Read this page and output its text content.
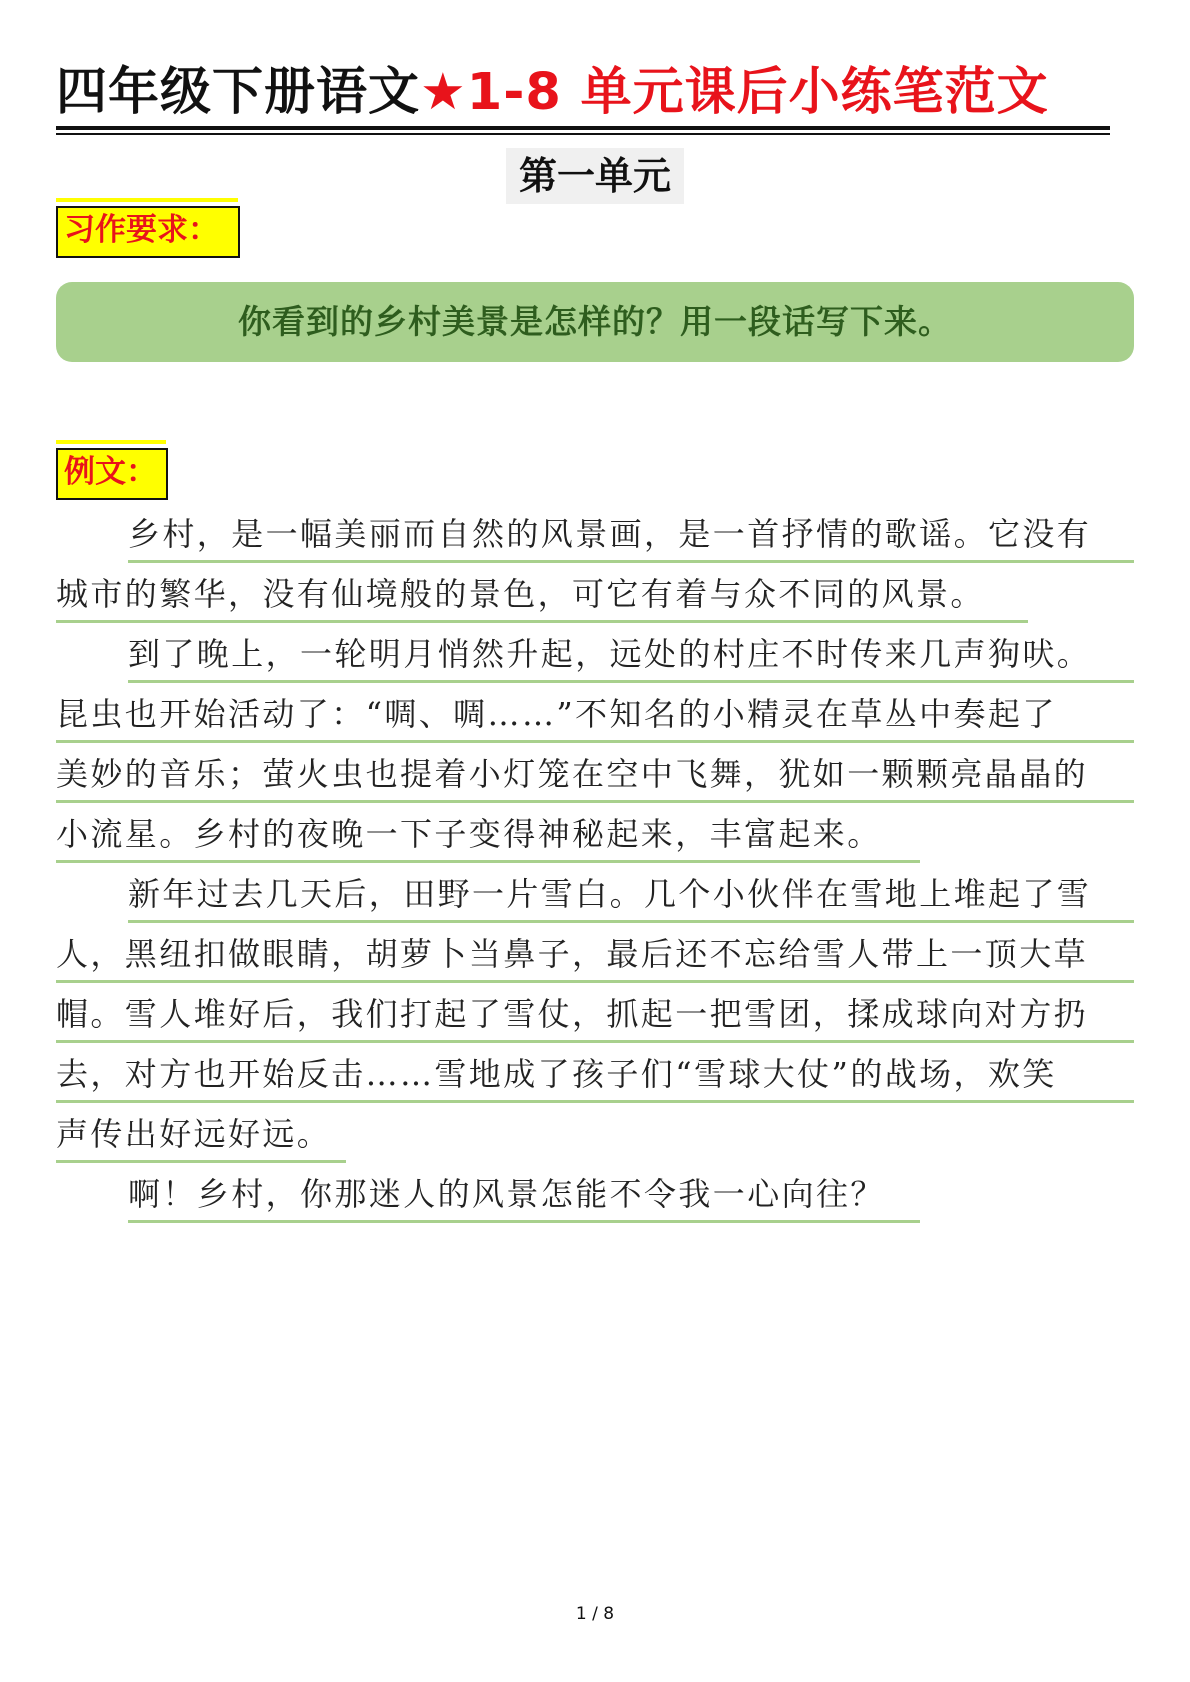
四年级下册语文★1-8 单元课后小练笔范文
第一单元
习作要求：
你看到的乡村美景是怎样的？用一段话写下来。
例文：
乡村，是一幅美丽而自然的风景画，是一首抒情的歌谣。它没有
城市的繁华，没有仙境般的景色，可它有着与众不同的风景。
到了晚上，一轮明月悄然升起，远处的村庄不时传来几声狗吠。
昆虫也开始活动了：“啁、啁……”不知名的小精灵在草丛中奏起了
美妙的音乐；萤火虫也提着小灯笼在空中飞舞，犹如一颗颗亮晶晶的
小流星。乡村的夜晚一下子变得神秘起来，丰富起来。
新年过去几天后，田野一片雪白。几个小伙伴在雪地上堆起了雪
人，黑纽扣做眼睛，胡萝卜当鼻子，最后还不忘给雪人带上一顶大草
帽。雪人堆好后，我们打起了雪仗，抓起一把雪团，揉成球向对方扔
去，对方也开始反击……雪地成了孩子们“雪球大仗”的战场，欢笑
声传出好远好远。
啊！乡村，你那迷人的风景怎能不令我一心向往？
1 / 8
